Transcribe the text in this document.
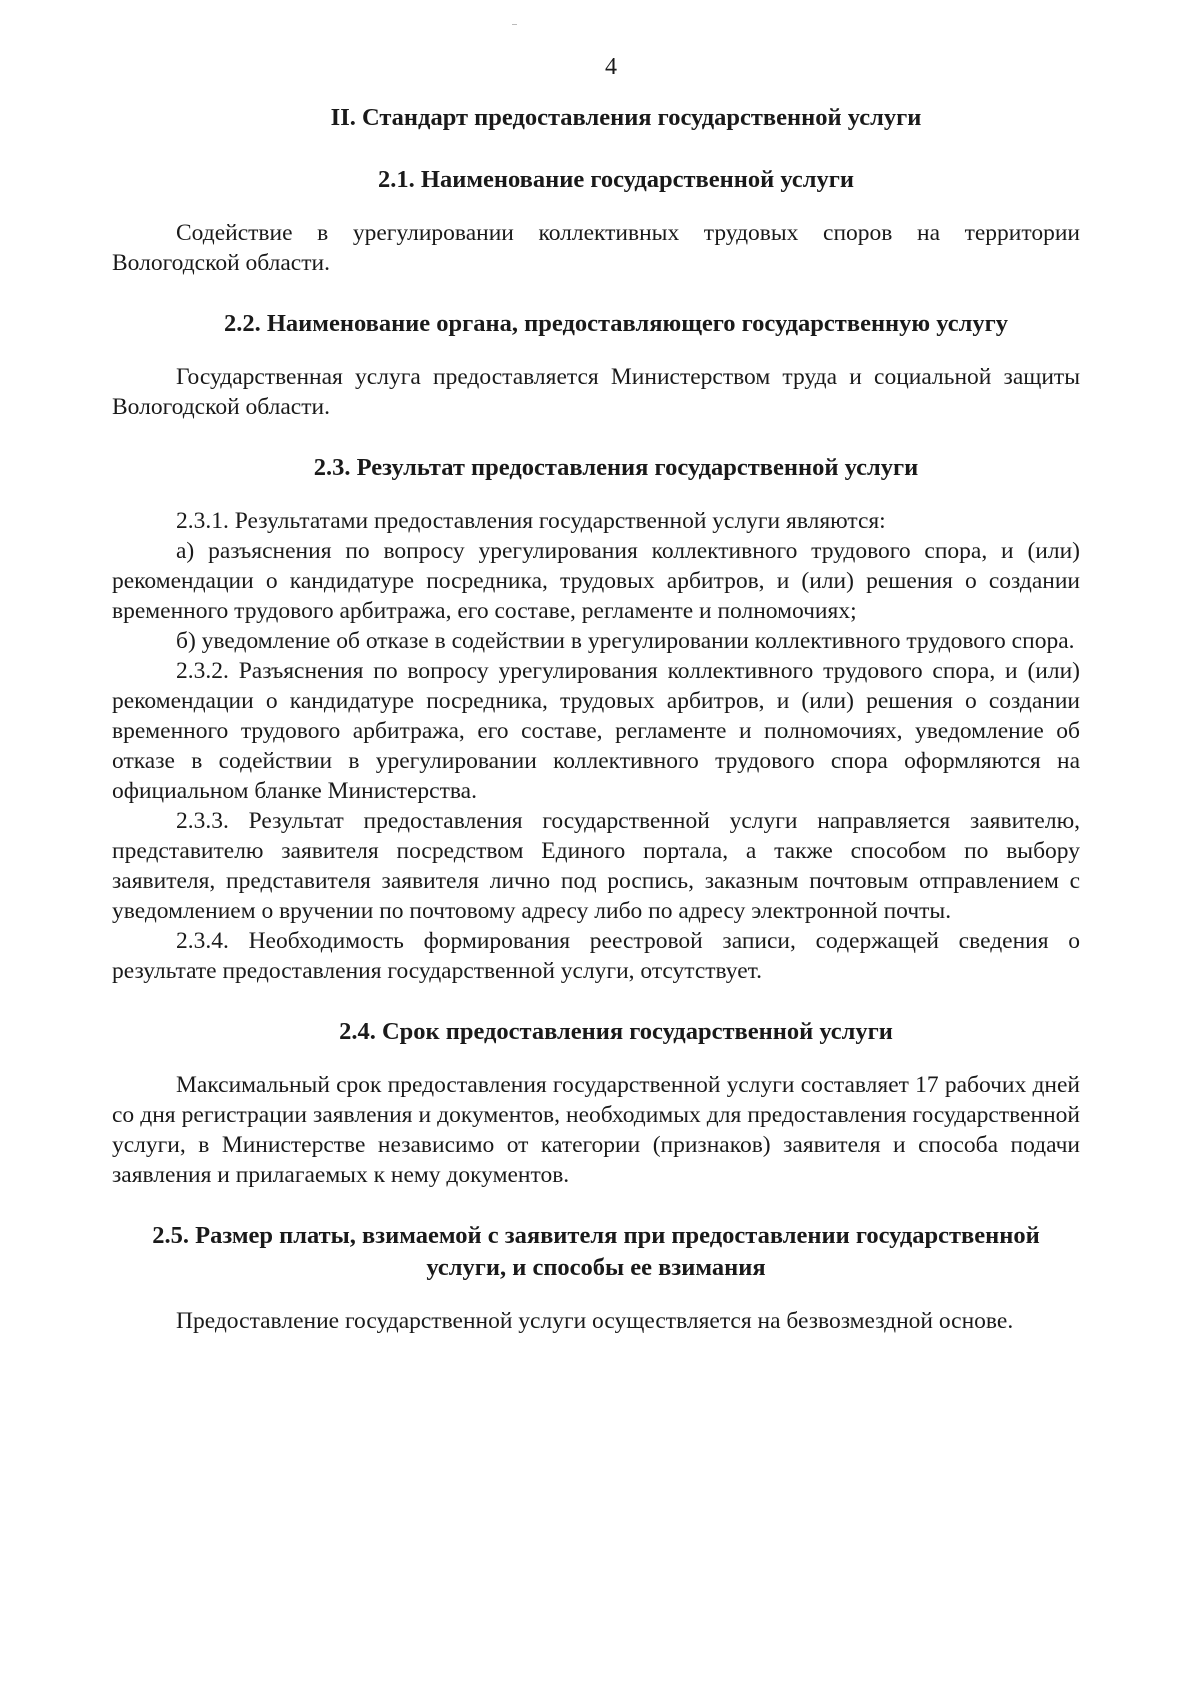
4
II. Стандарт предоставления государственной услуги
2.1. Наименование государственной услуги

Содействие в урегулировании коллективных трудовых споров на территории Вологодской области.

2.2. Наименование органа, предоставляющего государственную услугу

Государственная услуга предоставляется Министерством труда и социальной защиты Вологодской области.

2.3. Результат предоставления государственной услуги

2.3.1. Результатами предоставления государственной услуги являются:

а) разъяснения по вопросу урегулирования коллективного трудового спора, и (или) рекомендации о кандидатуре посредника, трудовых арбитров, и (или) решения о создании временного трудового арбитража, его составе, регламенте и полномочиях;

б) уведомление об отказе в содействии в урегулировании коллективного трудового спора.

2.3.2. Разъяснения по вопросу урегулирования коллективного трудового спора, и (или) рекомендации о кандидатуре посредника, трудовых арбитров, и (или) решения о создании временного трудового арбитража, его составе, регламенте и полномочиях, уведомление об отказе в содействии в урегулировании коллективного трудового спора оформляются на официальном бланке Министерства.

2.3.3. Результат предоставления государственной услуги направляется заявителю, представителю заявителя посредством Единого портала, а также способом по выбору заявителя, представителя заявителя лично под роспись, заказным почтовым отправлением с уведомлением о вручении по почтовому адресу либо по адресу электронной почты.

2.3.4. Необходимость формирования реестровой записи, содержащей сведения о результате предоставления государственной услуги, отсутствует.

2.4. Срок предоставления государственной услуги

Максимальный срок предоставления государственной услуги составляет 17 рабочих дней со дня регистрации заявления и документов, необходимых для предоставления государственной услуги, в Министерстве независимо от категории (признаков) заявителя и способа подачи заявления и прилагаемых к нему документов.

2.5. Размер платы, взимаемой с заявителя при предоставлении государственной услуги, и способы ее взимания

Предоставление государственной услуги осуществляется на безвозмездной основе.
